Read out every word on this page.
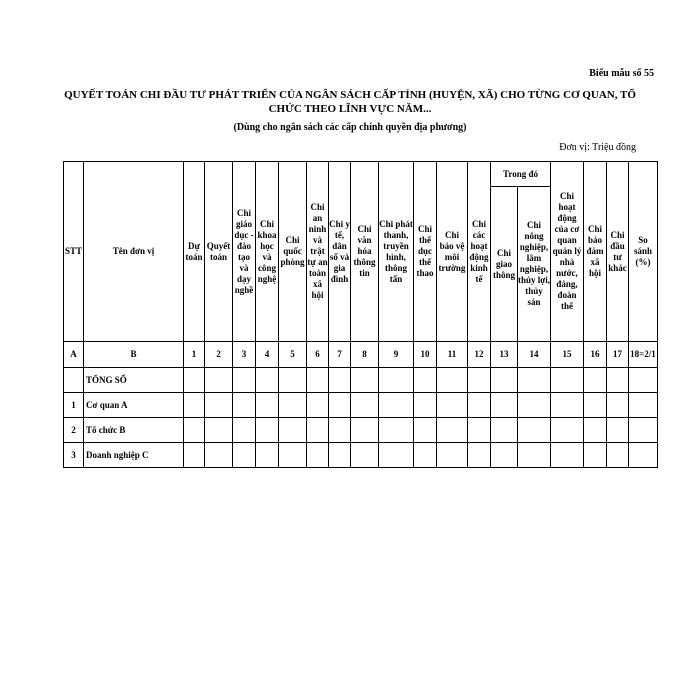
Biểu mẫu số 55
QUYẾT TOÁN CHI ĐẦU TƯ PHÁT TRIỂN CỦA NGÂN SÁCH CẤP TỈNH (HUYỆN, XÃ) CHO TỪNG CƠ QUAN, TỔ CHỨC THEO LĨNH VỰC NĂM...
(Dùng cho ngân sách các cấp chính quyền địa phương)
Đơn vị: Triệu đồng
STT	Tên đơn vị	Dự toán	Quyết toán	Chi giáo dục - đào tạo và dạy nghề	Chi khoa học và công nghệ	Chi quốc phòng	Chi an ninh và trật tự an toàn xã hội	Chi y tế, dân số và gia đình	Chi văn hóa thông tin	Chi phát thanh, truyền hình, thông tấn	Chi thể dục thể thao	Chi bảo vệ môi trường	Chi các hoạt động kinh tế	Trong đó		Chi hoạt động của cơ quan quản lý nhà nước, đảng, đoàn thể	Chi bảo đảm xã hội	Chi đầu tư khác	So sánh (%)
														Chi giao thông	Chi nông nghiệp, lâm nghiệp, thủy lợi, thủy sản				
A	B	1	2	3	4	5	6	7	8	9	10	11	12	13	14	15	16	17	18=2/1
	TỔNG SỐ																		
1	Cơ quan A																		
2	Tổ chức B																		
3	Doanh nghiệp C																		
